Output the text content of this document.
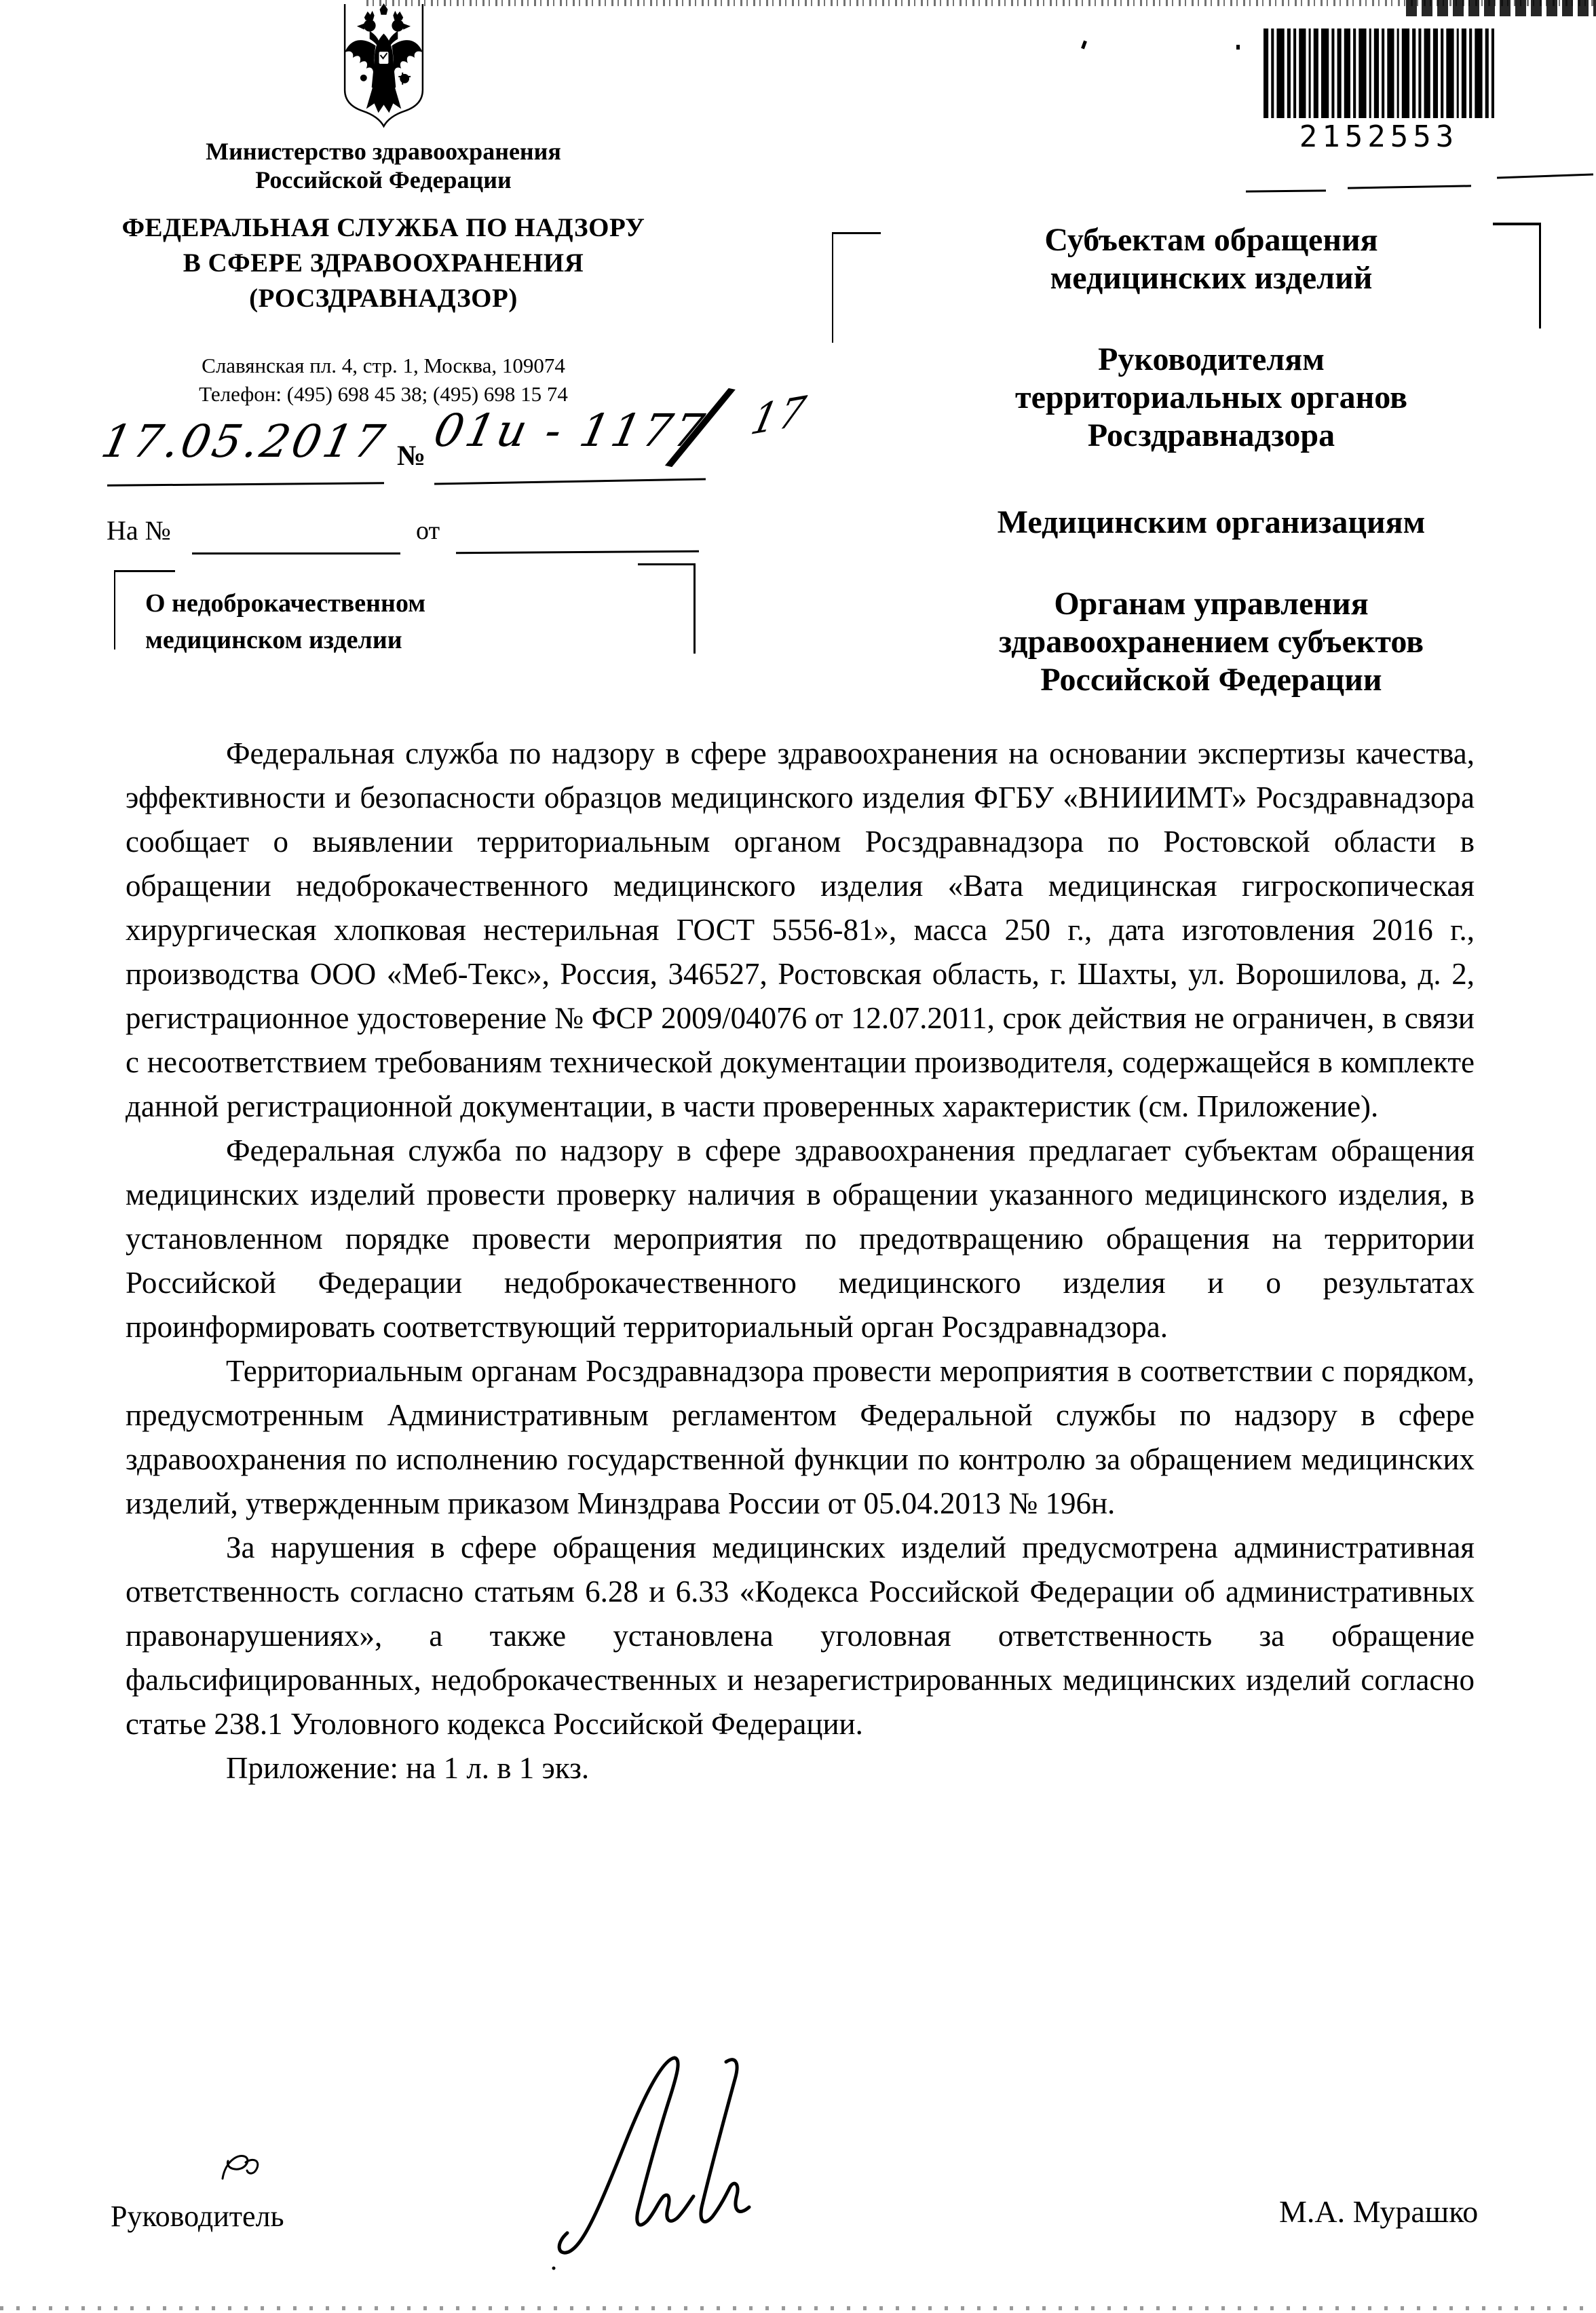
Министерство здравоохранения
Российской Федерации
ФЕДЕРАЛЬНАЯ СЛУЖБА ПО НАДЗОРУ
В СФЕРЕ ЗДРАВООХРАНЕНИЯ
(РОСЗДРАВНАДЗОР)
Славянская пл. 4, стр. 1, Москва, 109074
Телефон: (495) 698 45 38; (495) 698 15 74
2152553
Субъектам обращения
медицинских изделий
Руководителям
территориальных органов
Росздравнадзора
Медицинским организациям
Органам управления
здравоохранением субъектов
Российской Федерации
17.05.2017 № 01и - 1177
/ 17
На №	от
О недоброкачественном
медицинском изделии

Федеральная служба по надзору в сфере здравоохранения на основании экспертизы качества, эффективности и безопасности образцов медицинского изделия ФГБУ «ВНИИИМТ» Росздравнадзора сообщает о выявлении территориальным органом Росздравнадзора по Ростовской области в обращении недоброкачественного медицинского изделия «Вата медицинская гигроскопическая хирургическая хлопковая нестерильная ГОСТ 5556-81», масса 250 г., дата изготовления 2016 г., производства ООО «Меб-Текс», Россия, 346527, Ростовская область, г. Шахты, ул. Ворошилова, д. 2, регистрационное удостоверение № ФСР 2009/04076 от 12.07.2011, срок действия не ограничен, в связи с несоответствием требованиям технической документации производителя, содержащейся в комплекте данной регистрационной документации, в части проверенных характеристик (см. Приложение).

Федеральная служба по надзору в сфере здравоохранения предлагает субъектам обращения медицинских изделий провести проверку наличия в обращении указанного медицинского изделия, в установленном порядке провести мероприятия по предотвращению обращения на территории Российской Федерации недоброкачественного медицинского изделия и о результатах проинформировать соответствующий территориальный орган Росздравнадзора.

Территориальным органам Росздравнадзора провести мероприятия в соответствии с порядком, предусмотренным Административным регламентом Федеральной службы по надзору в сфере здравоохранения по исполнению государственной функции по контролю за обращением медицинских изделий, утвержденным приказом Минздрава России от 05.04.2013 № 196н.

За нарушения в сфере обращения медицинских изделий предусмотрена административная ответственность согласно статьям 6.28 и 6.33 «Кодекса Российской Федерации об административных правонарушениях», а также установлена уголовная ответственность за обращение фальсифицированных, недоброкачественных и незарегистрированных медицинских изделий согласно статье 238.1 Уголовного кодекса Российской Федерации.

Приложение: на 1 л. в 1 экз.

Руководитель	М.А. Мурашко
